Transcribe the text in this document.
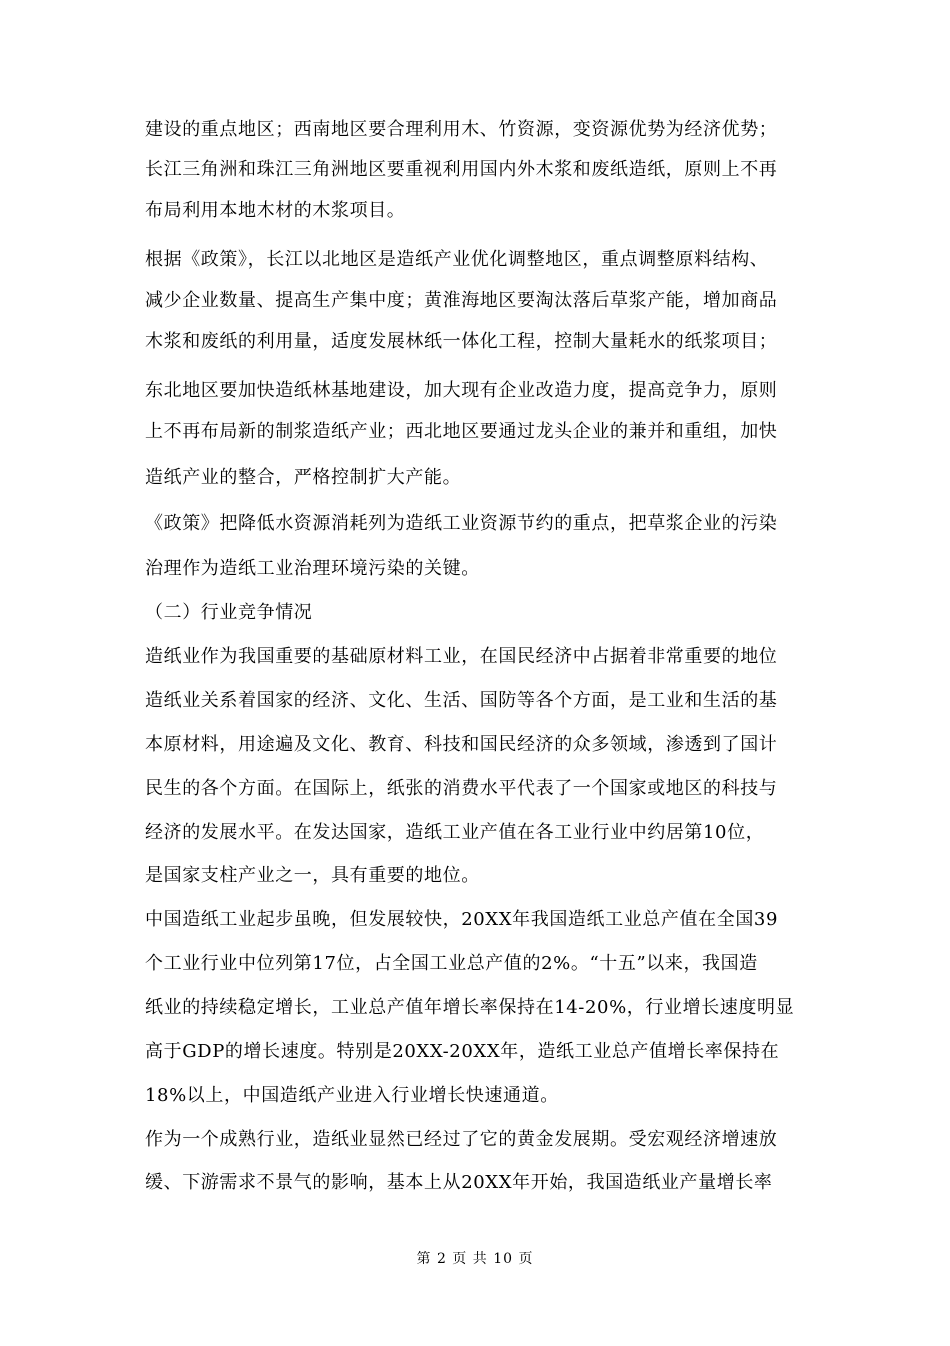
建设的重点地区；西南地区要合理利用木、竹资源，变资源优势为经济优势；
长江三角洲和珠江三角洲地区要重视利用国内外木浆和废纸造纸，原则上不再
布局利用本地木材的木浆项目。
根据《政策》，长江以北地区是造纸产业优化调整地区，重点调整原料结构、
减少企业数量、提高生产集中度；黄淮海地区要淘汰落后草浆产能，增加商品
木浆和废纸的利用量，适度发展林纸一体化工程，控制大量耗水的纸浆项目；
东北地区要加快造纸林基地建设，加大现有企业改造力度，提高竞争力，原则
上不再布局新的制浆造纸产业；西北地区要通过龙头企业的兼并和重组，加快
造纸产业的整合，严格控制扩大产能。
《政策》把降低水资源消耗列为造纸工业资源节约的重点，把草浆企业的污染
治理作为造纸工业治理环境污染的关键。
（二）行业竞争情况
造纸业作为我国重要的基础原材料工业，在国民经济中占据着非常重要的地位
造纸业关系着国家的经济、文化、生活、国防等各个方面，是工业和生活的基
本原材料，用途遍及文化、教育、科技和国民经济的众多领域，渗透到了国计
民生的各个方面。在国际上，纸张的消费水平代表了一个国家或地区的科技与
经济的发展水平。在发达国家，造纸工业产值在各工业行业中约居第10位，
是国家支柱产业之一，具有重要的地位。
中国造纸工业起步虽晚，但发展较快，20XX年我国造纸工业总产值在全国39
个工业行业中位列第17位，占全国工业总产值的2%。“十五”以来，我国造
纸业的持续稳定增长，工业总产值年增长率保持在14-20%，行业增长速度明显
高于GDP的增长速度。特别是20XX-20XX年，造纸工业总产值增长率保持在
18%以上，中国造纸产业进入行业增长快速通道。
作为一个成熟行业，造纸业显然已经过了它的黄金发展期。受宏观经济增速放
缓、下游需求不景气的影响，基本上从20XX年开始，我国造纸业产量增长率
第 2 页 共 10 页
